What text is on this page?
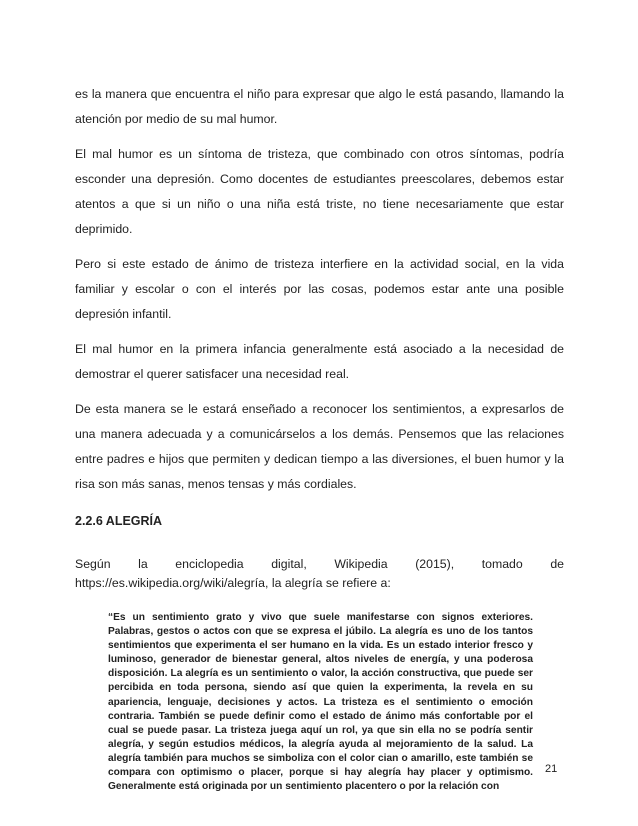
es la manera que encuentra el niño para expresar que algo le está pasando, llamando la atención por medio de su mal humor.

El mal humor es un síntoma de tristeza, que combinado con otros síntomas, podría esconder una depresión. Como docentes de estudiantes preescolares, debemos estar atentos a que si un niño o una niña está triste, no tiene necesariamente que estar deprimido.

Pero si este estado de ánimo de tristeza interfiere en la actividad social, en la vida familiar y escolar o con el interés por las cosas, podemos estar ante una posible depresión infantil.

El mal humor en la primera infancia generalmente está asociado a la necesidad de demostrar el querer satisfacer una necesidad real.

De esta manera se le estará enseñado a reconocer los sentimientos, a expresarlos de una manera adecuada y a comunicárselos a los demás. Pensemos que las relaciones entre padres e hijos que permiten y dedican tiempo a las diversiones, el buen humor y la risa son más sanas, menos tensas y más cordiales.

2.2.6 ALEGRÍA
Según la enciclopedia digital, Wikipedia (2015), tomado de
https://es.wikipedia.org/wiki/alegría, la alegría se refiere a:
“Es un sentimiento grato y vivo que suele manifestarse con signos exteriores. Palabras, gestos o actos con que se expresa el júbilo. La alegría es uno de los tantos sentimientos que experimenta el ser humano en la vida. Es un estado interior fresco y luminoso, generador de bienestar general, altos niveles de energía, y una poderosa disposición. La alegría es un sentimiento o valor, la acción constructiva, que puede ser percibida en toda persona, siendo así que quien la experimenta, la revela en su apariencia, lenguaje, decisiones y actos. La tristeza es el sentimiento o emoción contraria. También se puede definir como el estado de ánimo más confortable por el cual se puede pasar. La tristeza juega aquí un rol, ya que sin ella no se podría sentir alegría, y según estudios médicos, la alegría ayuda al mejoramiento de la salud. La alegría también para muchos se simboliza con el color cian o amarillo, este también se compara con optimismo o placer, porque si hay alegría hay placer y optimismo. Generalmente está originada por un sentimiento placentero o por la relación con
21
